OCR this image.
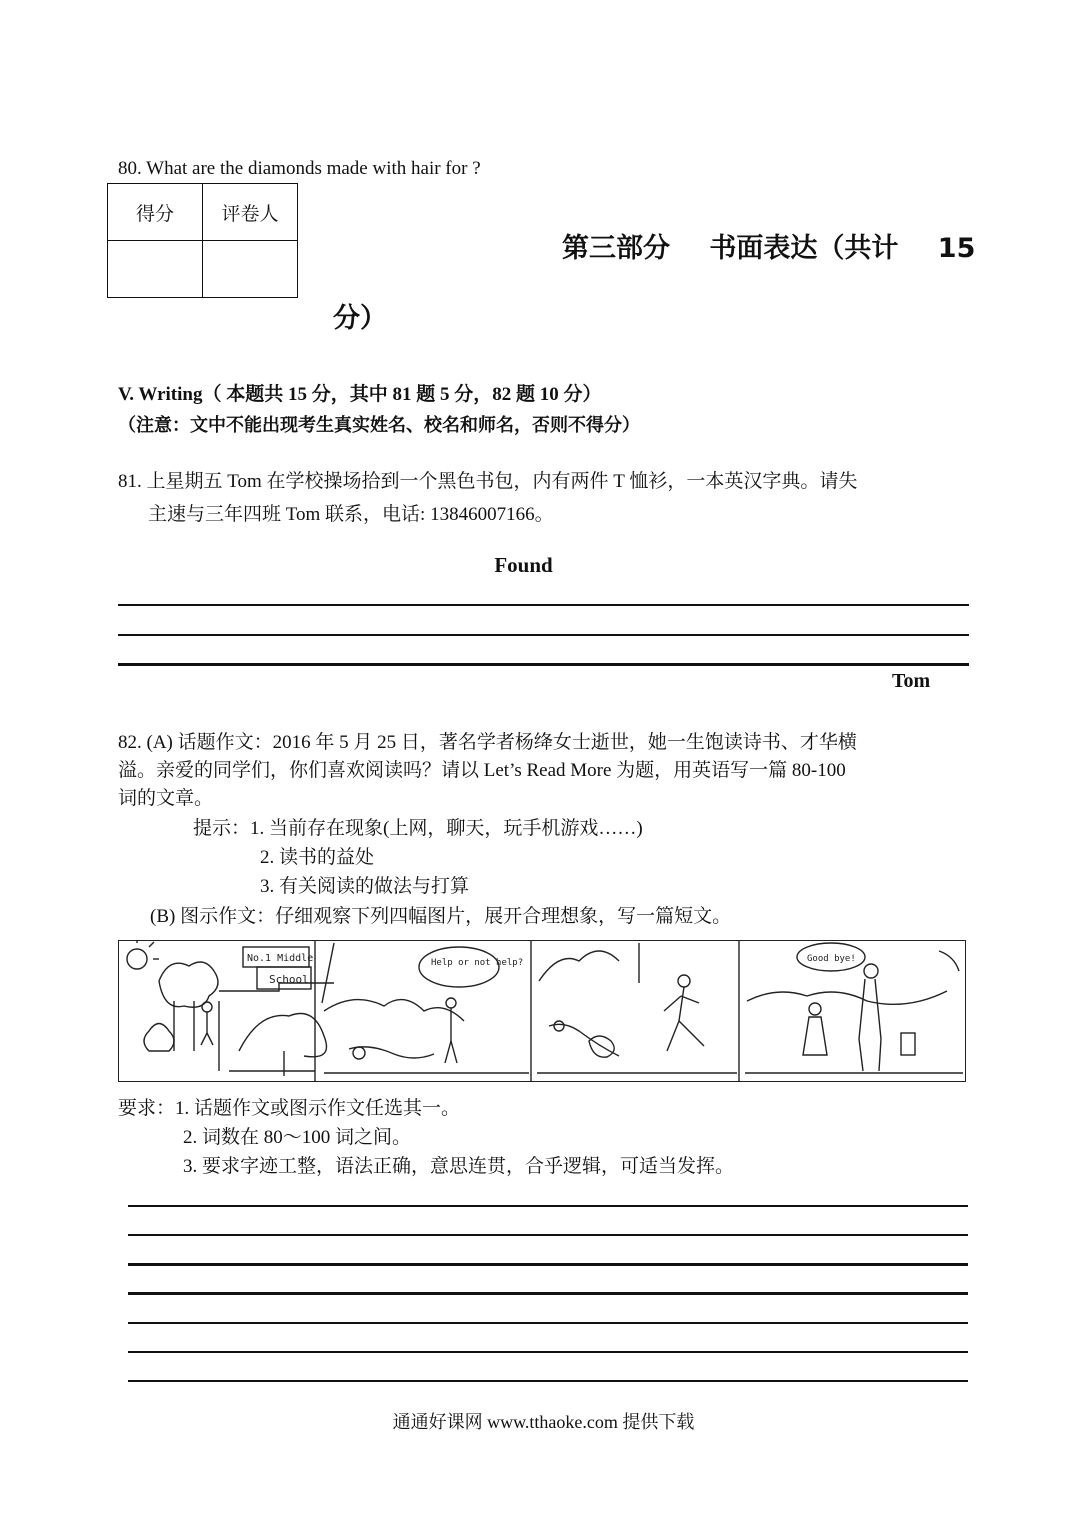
80. What are the diamonds made with hair for ?
得分	评卷人

第三部分 书面表达（共计 15
分）
V. Writing（ 本题共 15 分，其中 81 题 5 分，82 题 10 分）
（注意：文中不能出现考生真实姓名、校名和师名，否则不得分）
81. 上星期五 Tom 在学校操场拾到一个黑色书包，内有两件 T 恤衫，一本英汉字典。请失
主速与三年四班 Tom 联系，电话: 13846007166。
Found
Tom
82. (A) 话题作文：2016 年 5 月 25 日，著名学者杨绛女士逝世，她一生饱读诗书、才华横
溢。亲爱的同学们，你们喜欢阅读吗？请以 Let’s Read More 为题，用英语写一篇 80-100
词的文章。
提示：1. 当前存在现象(上网，聊天，玩手机游戏……)
2. 读书的益处
3. 有关阅读的做法与打算
(B) 图示作文：仔细观察下列四幅图片，展开合理想象，写一篇短文。
No.1 Middle
School
Help or not help?	Good bye!
要求：1. 话题作文或图示作文任选其一。
2. 词数在 80～100 词之间。
3. 要求字迹工整，语法正确，意思连贯，合乎逻辑，可适当发挥。
通通好课网 www.tthaoke.com 提供下载
